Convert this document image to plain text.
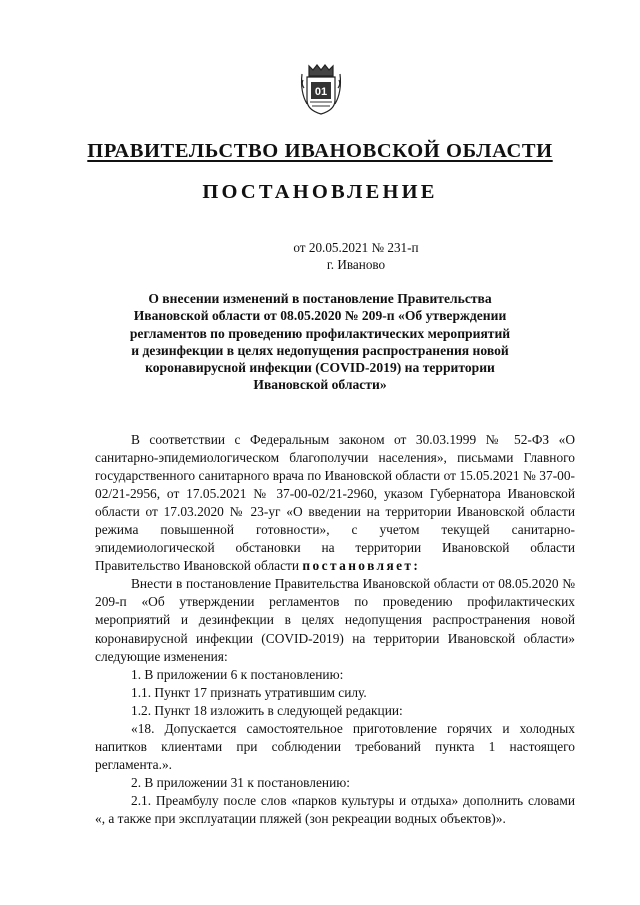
01
ПРАВИТЕЛЬСТВО ИВАНОВСКОЙ ОБЛАСТИ
ПОСТАНОВЛЕНИЕ
от 20.05.2021 № 231-п
г. Иваново
О внесении изменений в постановление Правительства
Ивановской области от 08.05.2020 № 209-п «Об утверждении
регламентов по проведению профилактических мероприятий
и дезинфекции в целях недопущения распространения новой
коронавирусной инфекции (COVID-2019) на территории
Ивановской области»

В соответствии с Федеральным законом от 30.03.1999 № 52-ФЗ «О санитарно-эпидемиологическом благополучии населения», письмами Главного государственного санитарного врача по Ивановской области от 15.05.2021 № 37-00-02/21-2956, от 17.05.2021 № 37-00-02/21-2960, указом Губернатора Ивановской области от 17.03.2020 № 23-уг «О введении на территории Ивановской области режима повышенной готовности», с учетом текущей санитарно-эпидемиологической обстановки на территории Ивановской области Правительство Ивановской области постановляет:

Внести в постановление Правительства Ивановской области от 08.05.2020 № 209-п «Об утверждении регламентов по проведению профилактических мероприятий и дезинфекции в целях недопущения распространения новой коронавирусной инфекции (COVID-2019) на территории Ивановской области» следующие изменения:

1. В приложении 6 к постановлению:

1.1. Пункт 17 признать утратившим силу.

1.2. Пункт 18 изложить в следующей редакции:

«18. Допускается самостоятельное приготовление горячих и холодных напитков клиентами при соблюдении требований пункта 1 настоящего регламента.».

2. В приложении 31 к постановлению:

2.1. Преамбулу после слов «парков культуры и отдыха» дополнить словами «, а также при эксплуатации пляжей (зон рекреации водных объектов)».
